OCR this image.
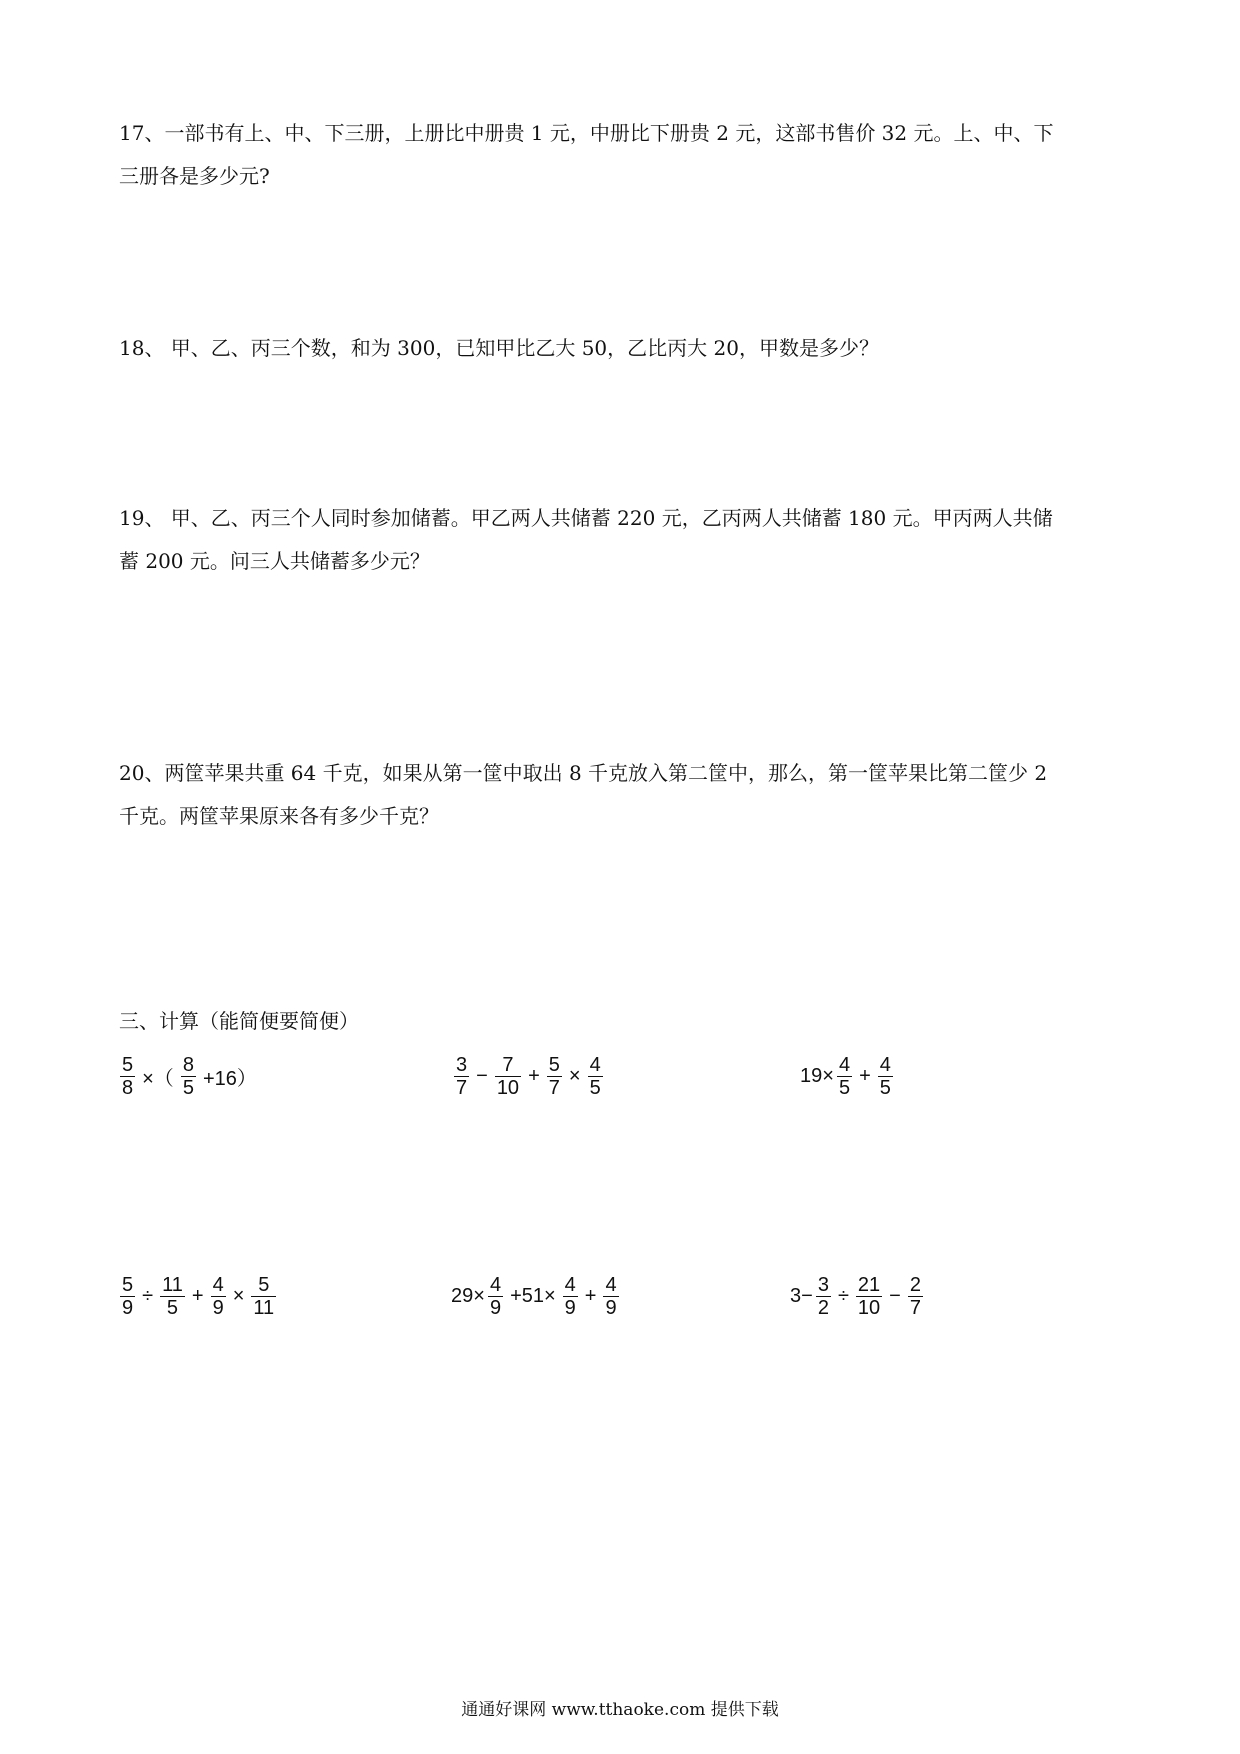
17、一部书有上、中、下三册，上册比中册贵 1 元，中册比下册贵 2 元，这部书售价 32 元。上、中、下

三册各是多少元?

18、 甲、乙、丙三个数，和为 300，已知甲比乙大 50，乙比丙大 20，甲数是多少？

19、 甲、乙、丙三个人同时参加储蓄。甲乙两人共储蓄 220 元，乙丙两人共储蓄 180 元。甲丙两人共储

蓄 200 元。问三人共储蓄多少元？

20、两筐苹果共重 64 千克，如果从第一筐中取出 8 千克放入第二筐中，那么，第一筐苹果比第二筐少 2

千克。两筐苹果原来各有多少千克？

三、计算（能简便要简便）
$\frac{5}{8}$ ×（ $\frac{8}{5} +16$）	$\frac{3}{7} - \frac{7}{10} + \frac{5}{7} \times \frac{4}{5}$	$19\times \frac{4}{5} + \frac{4}{5}$
$\frac{5}{9} \div \frac{11}{5} + \frac{4}{9} \times \frac{5}{11}$	$29\times \frac{4}{9} +51\times \frac{4}{9} + \frac{4}{9}$	$3- \frac{3}{2} \div \frac{21}{10} - \frac{2}{7}$
通通好课网 www.tthaoke.com 提供下载
